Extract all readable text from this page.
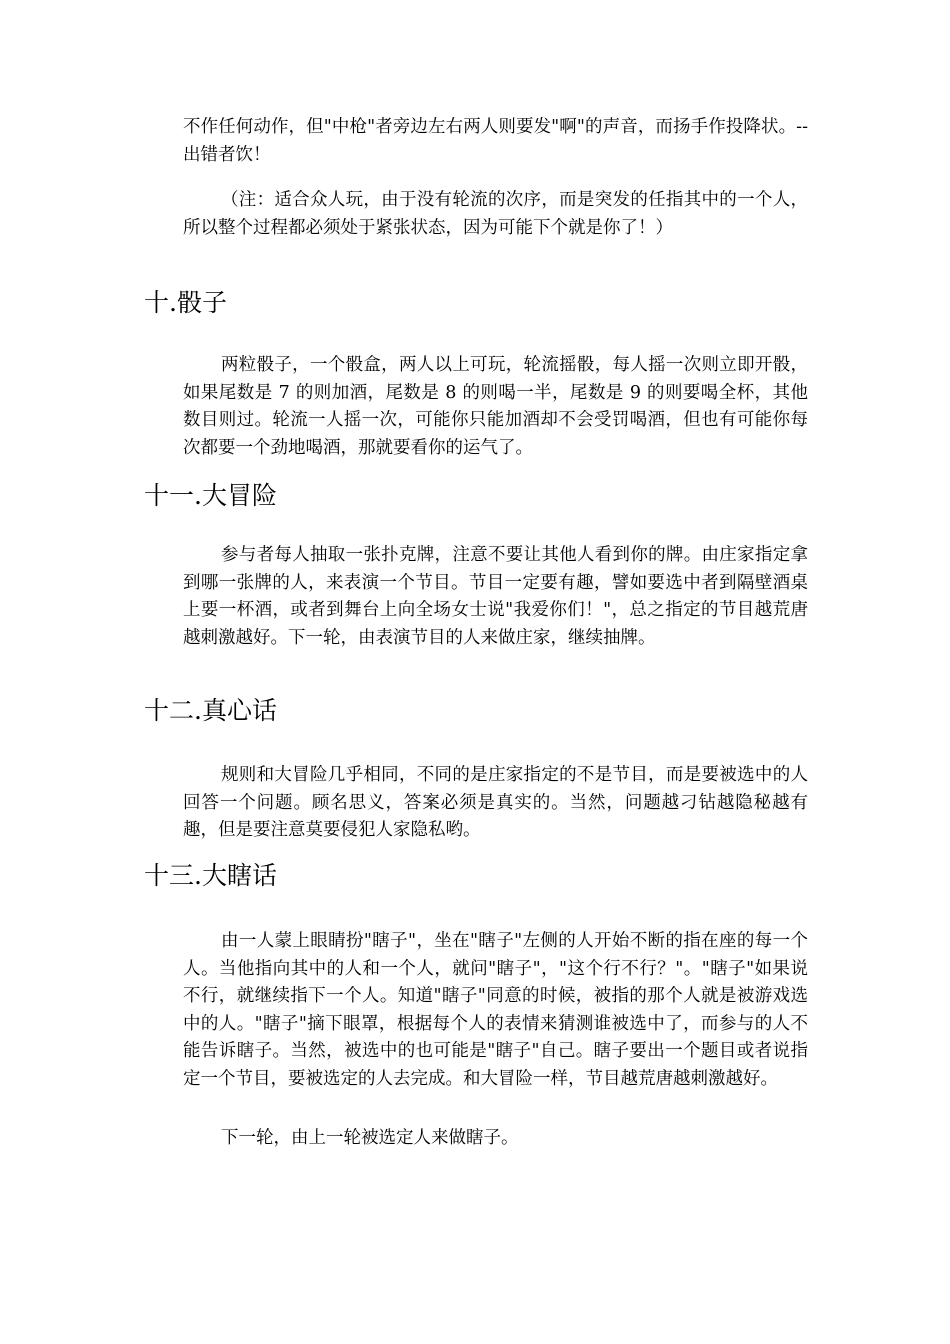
不作任何动作，但"中枪"者旁边左右两人则要发"啊"的声音，而扬手作投降状。--出错者饮！

（注：适合众人玩，由于没有轮流的次序，而是突发的任指其中的一个人，所以整个过程都必须处于紧张状态，因为可能下个就是你了！）

十.骰子

两粒骰子，一个骰盒，两人以上可玩，轮流摇骰，每人摇一次则立即开骰，如果尾数是 7 的则加酒，尾数是 8 的则喝一半，尾数是 9 的则要喝全杯，其他数目则过。轮流一人摇一次，可能你只能加酒却不会受罚喝酒，但也有可能你每次都要一个劲地喝酒，那就要看你的运气了。

十一.大冒险

参与者每人抽取一张扑克牌，注意不要让其他人看到你的牌。由庄家指定拿到哪一张牌的人，来表演一个节目。节目一定要有趣，譬如要选中者到隔壁酒桌上要一杯酒，或者到舞台上向全场女士说"我爱你们！"，总之指定的节目越荒唐越刺激越好。下一轮，由表演节目的人来做庄家，继续抽牌。

十二.真心话

规则和大冒险几乎相同，不同的是庄家指定的不是节目，而是要被选中的人回答一个问题。顾名思义，答案必须是真实的。当然，问题越刁钻越隐秘越有趣，但是要注意莫要侵犯人家隐私哟。

十三.大瞎话

由一人蒙上眼睛扮"瞎子"，坐在"瞎子"左侧的人开始不断的指在座的每一个人。当他指向其中的人和一个人，就问"瞎子"，"这个行不行？"。"瞎子"如果说不行，就继续指下一个人。知道"瞎子"同意的时候，被指的那个人就是被游戏选中的人。"瞎子"摘下眼罩，根据每个人的表情来猜测谁被选中了，而参与的人不能告诉瞎子。当然，被选中的也可能是"瞎子"自己。瞎子要出一个题目或者说指定一个节目，要被选定的人去完成。和大冒险一样，节目越荒唐越刺激越好。

下一轮，由上一轮被选定人来做瞎子。
